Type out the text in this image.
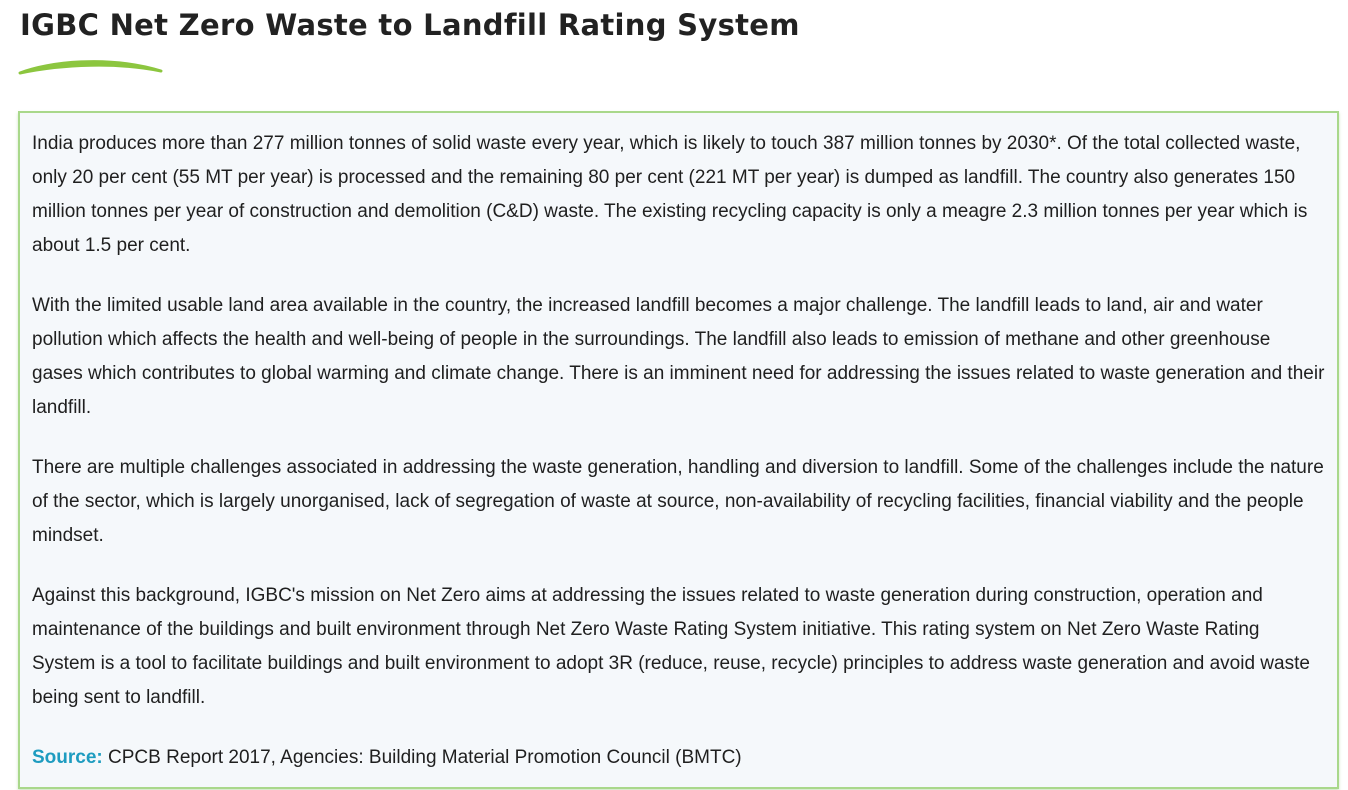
IGBC Net Zero Waste to Landfill Rating System

India produces more than 277 million tonnes of solid waste every year, which is likely to touch 387 million tonnes by 2030*. Of the total collected waste, only 20 per cent (55 MT per year) is processed and the remaining 80 per cent (221 MT per year) is dumped as landfill. The country also generates 150 million tonnes per year of construction and demolition (C&D) waste. The existing recycling capacity is only a meagre 2.3 million tonnes per year which is about 1.5 per cent.

With the limited usable land area available in the country, the increased landfill becomes a major challenge. The landfill leads to land, air and water pollution which affects the health and well-being of people in the surroundings. The landfill also leads to emission of methane and other greenhouse gases which contributes to global warming and climate change. There is an imminent need for addressing the issues related to waste generation and their landfill.

There are multiple challenges associated in addressing the waste generation, handling and diversion to landfill. Some of the challenges include the nature of the sector, which is largely unorganised, lack of segregation of waste at source, non-availability of recycling facilities, financial viability and the people mindset.

Against this background, IGBC's mission on Net Zero aims at addressing the issues related to waste generation during construction, operation and maintenance of the buildings and built environment through Net Zero Waste Rating System initiative. This rating system on Net Zero Waste Rating System is a tool to facilitate buildings and built environment to adopt 3R (reduce, reuse, recycle) principles to address waste generation and avoid waste being sent to landfill.

Source: CPCB Report 2017, Agencies: Building Material Promotion Council (BMTC)
